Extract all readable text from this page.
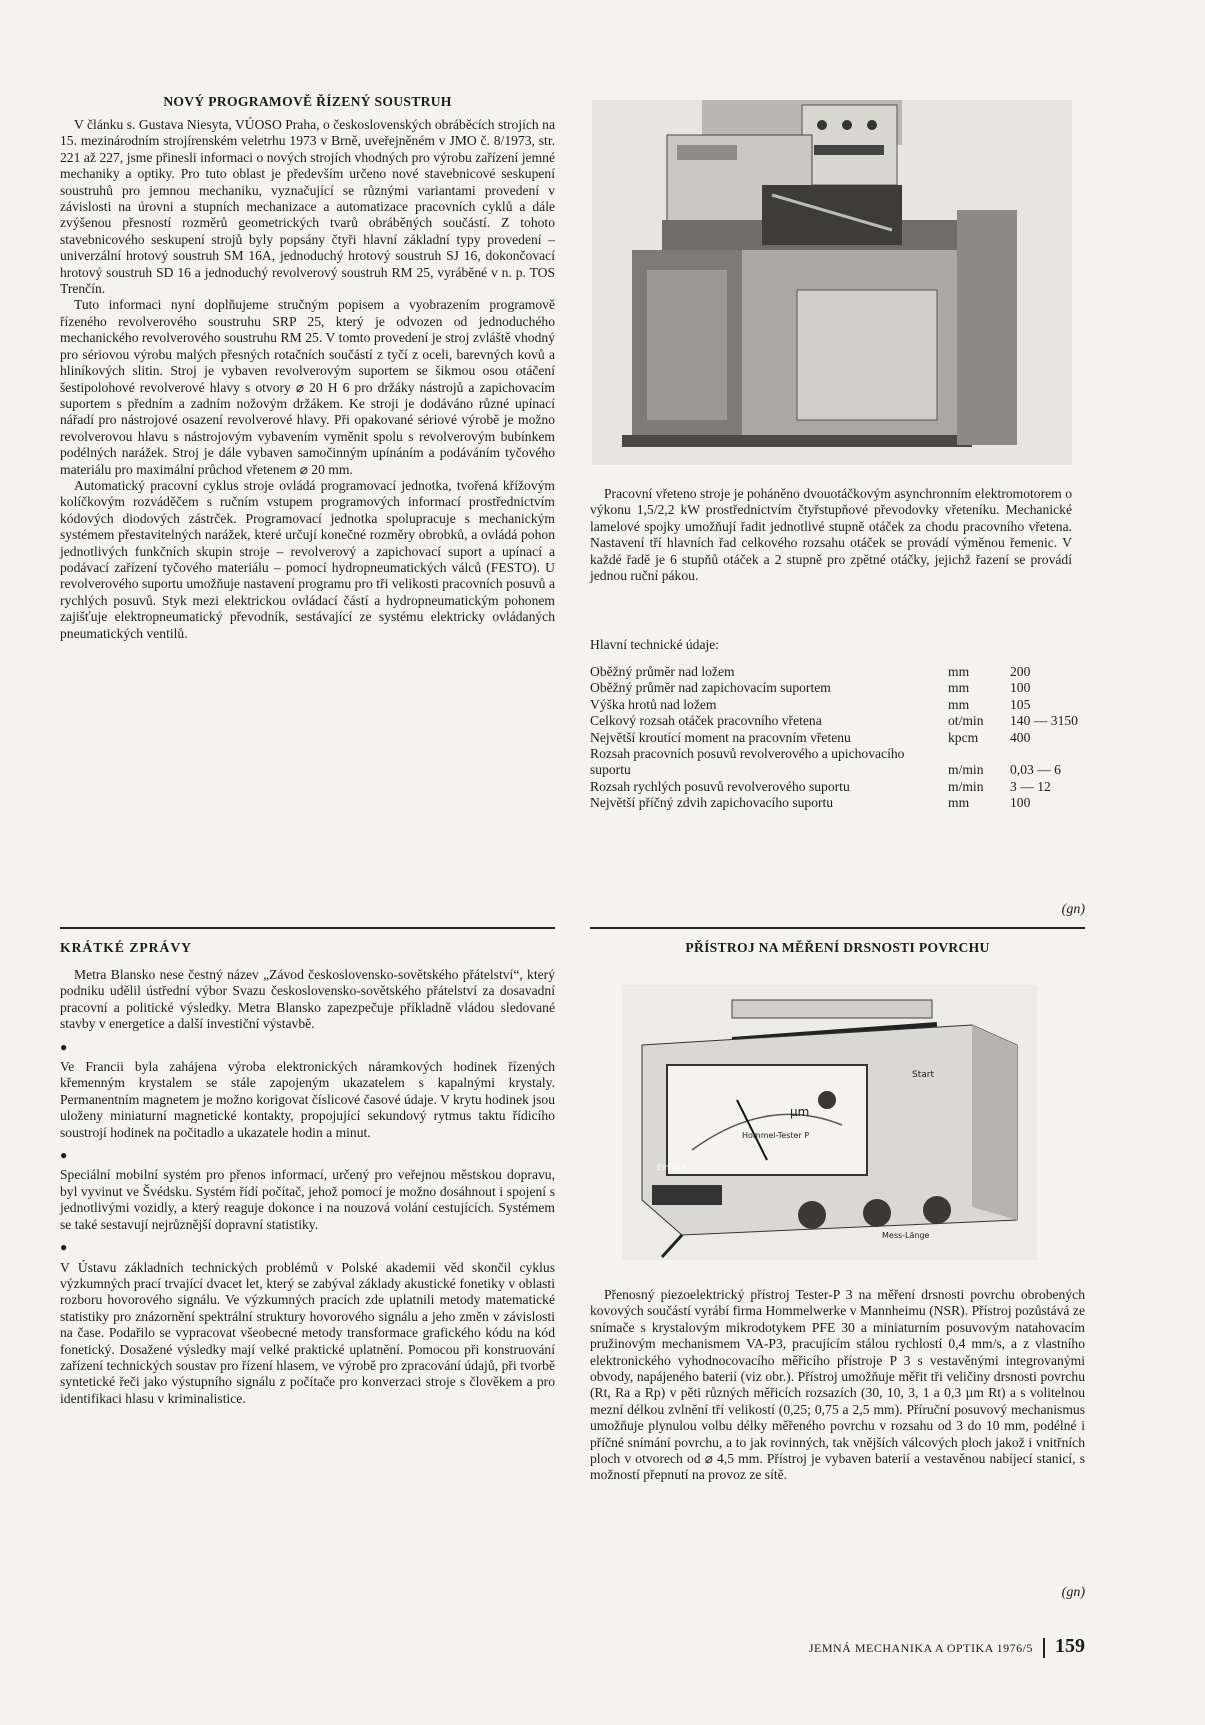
NOVÝ PROGRAMOVĚ ŘÍZENÝ SOUSTRUH

V článku s. Gustava Niesyta, VÚOSO Praha, o československých obráběcích strojích na 15. mezinárodním strojírenském veletrhu 1973 v Brně, uveřejněném v JMO č. 8/1973, str. 221 až 227, jsme přinesli informaci o nových strojích vhodných pro výrobu zařízení jemné mechaniky a optiky. Pro tuto oblast je především určeno nové stavebnicové seskupení soustruhů pro jemnou mechaniku, vyznačující se různými variantami provedení v závislosti na úrovni a stupních mechanizace a automatizace pracovních cyklů a dále zvýšenou přesností rozměrů geometrických tvarů obráběných součástí. Z tohoto stavebnicového seskupení strojů byly popsány čtyři hlavní základní typy provedení – univerzální hrotový soustruh SM 16A, jednoduchý hrotový soustruh SJ 16, dokončovací hrotový soustruh SD 16 a jednoduchý revolverový soustruh RM 25, vyráběné v n. p. TOS Trenčín.

Tuto informaci nyní doplňujeme stručným popisem a vyobrazením programově řízeného revolverového soustruhu SRP 25, který je odvozen od jednoduchého mechanického revolverového soustruhu RM 25. V tomto provedení je stroj zvláště vhodný pro sériovou výrobu malých přesných rotačních součástí z tyčí z oceli, barevných kovů a hliníkových slitin. Stroj je vybaven revolverovým suportem se šikmou osou otáčení šestipolohové revolverové hlavy s otvory ⌀ 20 H 6 pro držáky nástrojů a zapichovacím suportem s předním a zadním nožovým držákem. Ke stroji je dodáváno různé upínací nářadí pro nástrojové osazení revolverové hlavy. Při opakované sériové výrobě je možno revolverovou hlavu s nástrojovým vybavením vyměnit spolu s revolverovým bubínkem podélných narážek. Stroj je dále vybaven samočinným upínáním a podáváním tyčového materiálu pro maximální průchod vřetenem ⌀ 20 mm.

Automatický pracovní cyklus stroje ovládá programovací jednotka, tvořená křížovým kolíčkovým rozváděčem s ručním vstupem programových informací prostřednictvím kódových diodových zástrček. Programovací jednotka spolupracuje s mechanickým systémem přestavitelných narážek, které určují konečné rozměry obrobků, a ovládá pohon jednotlivých funkčních skupin stroje – revolverový a zapichovací suport a upínací a podávací zařízení tyčového materiálu – pomocí hydropneumatických válců (FESTO). U revolverového suportu umožňuje nastavení programu pro tři velikosti pracovních posuvů a rychlých posuvů. Styk mezi elektrickou ovládací částí a hydropneumatickým pohonem zajišťuje elektropneumatický převodník, sestávající ze systému elektricky ovládaných pneumatických ventilů.

Pracovní vřeteno stroje je poháněno dvouotáčkovým asynchronním elektromotorem o výkonu 1,5/2,2 kW prostřednictvím čtyřstupňové převodovky vřeteníku. Mechanické lamelové spojky umožňují řadit jednotlivé stupně otáček za chodu pracovního vřetena. Nastavení tří hlavních řad celkového rozsahu otáček se provádí výměnou řemenic. V každé řadě je 6 stupňů otáček a 2 stupně pro zpětné otáčky, jejichž řazení se provádí jednou ruční pákou.

Hlavní technické údaje:
Oběžný průměr nad ložem	mm	200
Oběžný průměr nad zapichovacím suportem	mm	100
Výška hrotů nad ložem	mm	105
Celkový rozsah otáček pracovního vřetena	ot/min	140 — 3150
Největší kroutící moment na pracovním vřetenu	kpcm	400
Rozsah pracovních posuvů revolverového a upichovacího suportu	m/min	0,03 — 6
Rozsah rychlých posuvů revolverového suportu	m/min	3 — 12
Největší příčný zdvih zapichovacího suportu	mm	100
(gn)
KRÁTKÉ ZPRÁVY

Metra Blansko nese čestný název „Závod československo-sovětského přátelství“, který podniku udělil ústřední výbor Svazu československo-sovětského přátelství za dosavadní pracovní a politické výsledky. Metra Blansko zapezpečuje příkladně vládou sledované stavby v energetice a další investiční výstavbě.

●

Ve Francii byla zahájena výroba elektronických náramkových hodinek řízených křemenným krystalem se stále zapojeným ukazatelem s kapalnými krystaly. Permanentním magnetem je možno korigovat číslicové časové údaje. V krytu hodinek jsou uloženy miniaturní magnetické kontakty, propojující sekundový rytmus taktu řídicího soustrojí hodinek na počitadlo a ukazatele hodin a minut.

●

Speciální mobilní systém pro přenos informací, určený pro veřejnou městskou dopravu, byl vyvinut ve Švédsku. Systém řídí počítač, jehož pomocí je možno dosáhnout i spojení s jednotlivými vozidly, a který reaguje dokonce i na nouzová volání cestujících. Systémem se také sestavují nejrůznější dopravní statistiky.

●

V Ústavu základních technických problémů v Polské akademii věd skončil cyklus výzkumných prací trvající dvacet let, který se zabýval základy akustické fonetiky v oblasti rozboru hovorového signálu. Ve výzkumných pracích zde uplatnili metody matematické statistiky pro znázornění spektrální struktury hovorového signálu a jeho změn v závislosti na čase. Podařilo se vypracovat všeobecné metody transformace grafického kódu na kód fonetický. Dosažené výsledky mají velké praktické uplatnění. Pomocou při konstruování zařízení technických soustav pro řízení hlasem, ve výrobě pro zpracování údajů, při tvorbě syntetické řeči jako výstupního signálu z počítače pro konverzaci stroje s člověkem a pro identifikaci hlasu v kriminalistice.

PŘÍSTROJ NA MĚŘENÍ DRSNOSTI POVRCHU
µm
Hommel-Tester P
Start
Ein Aus
Mess-Länge

Přenosný piezoelektrický přístroj Tester-P 3 na měření drsnosti povrchu obrobených kovových součástí vyrábí firma Hommelwerke v Mannheimu (NSR). Přístroj pozůstává ze snímače s krystalovým mikrodotykem PFE 30 a miniaturním posuvovým natahovacím pružinovým mechanismem VA-P3, pracujícím stálou rychlostí 0,4 mm/s, a z vlastního elektronického vyhodnocovacího měřicího přístroje P 3 s vestavěnými integrovanými obvody, napájeného baterií (viz obr.). Přístroj umožňuje měřit tři veličiny drsnosti povrchu (Rt, Ra a Rp) v pěti různých měřicích rozsazích (30, 10, 3, 1 a 0,3 µm Rt) a s volitelnou mezní délkou zvlnění tří velikostí (0,25; 0,75 a 2,5 mm). Příruční posuvový mechanismus umožňuje plynulou volbu délky měřeného povrchu v rozsahu od 3 do 10 mm, podélné i příčné snímání povrchu, a to jak rovinných, tak vnějších válcových ploch jakož i vnitřních ploch v otvorech od ⌀ 4,5 mm. Přístroj je vybaven baterií a vestavěnou nabíjecí stanicí, s možností přepnutí na provoz ze sítě.

(gn)
JEMNÁ MECHANIKA A OPTIKA 1976/5 159
